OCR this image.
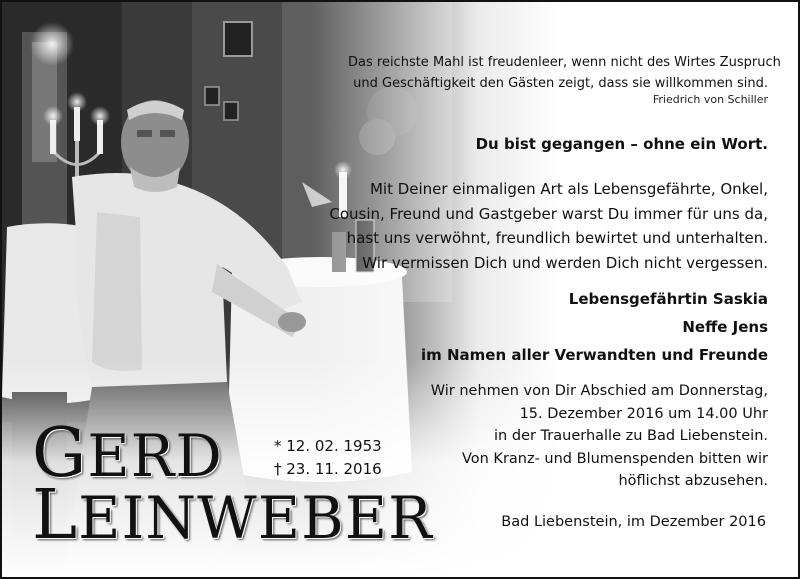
Das reichste Mahl ist freudenleer, wenn nicht des Wirtes Zuspruch
und Geschäftigkeit den Gästen zeigt, dass sie willkommen sind.
Friedrich von Schiller
Du bist gegangen – ohne ein Wort.
Mit Deiner einmaligen Art als Lebensgefährte, Onkel,
Cousin, Freund und Gastgeber warst Du immer für uns da,
hast uns verwöhnt, freundlich bewirtet und unterhalten.
Wir vermissen Dich und werden Dich nicht vergessen.
Lebensgefährtin Saskia
Neffe Jens
im Namen aller Verwandten und Freunde
Wir nehmen von Dir Abschied am Donnerstag,
15. Dezember 2016 um 14.00 Uhr
in der Trauerhalle zu Bad Liebenstein.
Von Kranz- und Blumenspenden bitten wir
höflichst abzusehen.
Bad Liebenstein, im Dezember 2016
GERD
LEINWEBER
* 12. 02. 1953
† 23. 11. 2016
